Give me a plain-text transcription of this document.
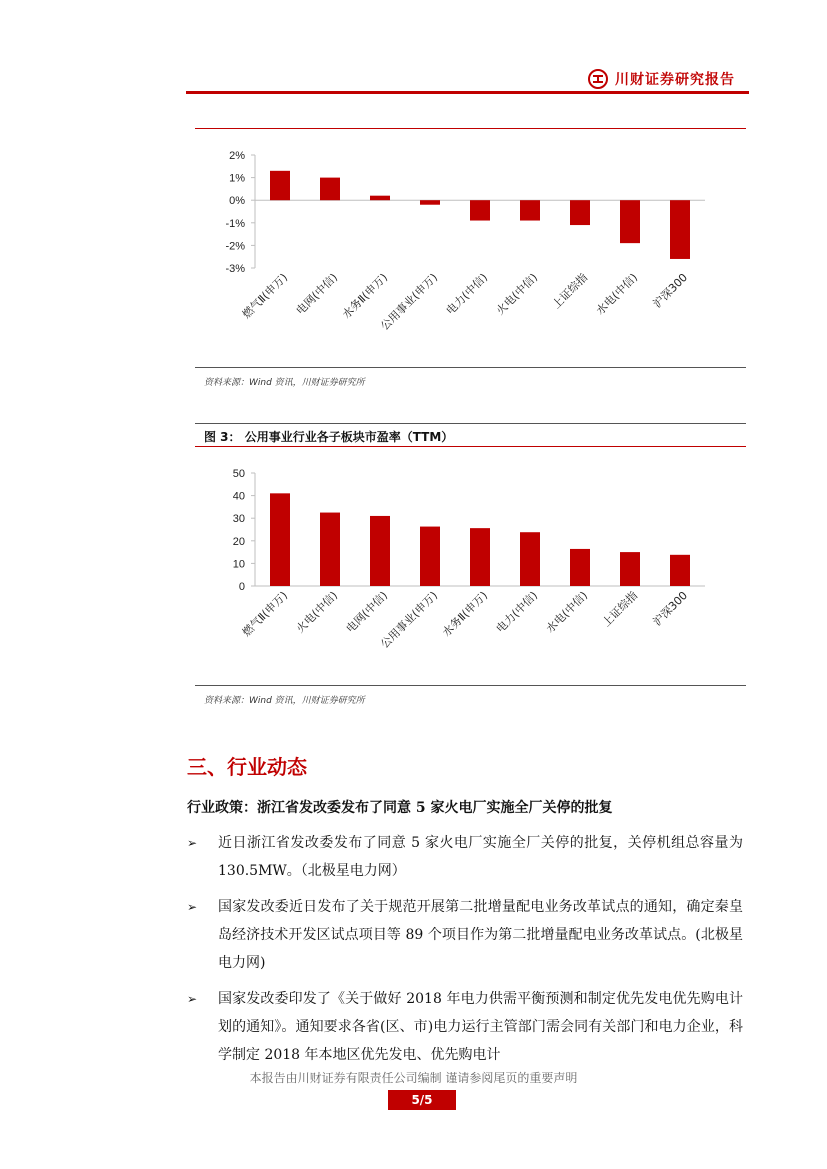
川财证券研究报告
2%
1%
0%
-1%
-2%
-3%
燃气Ⅱ(申万) 电网(中信) 水务Ⅱ(申万)
公用事业(申万) 电力(中信) 火电(中信) 上证综指 水电(中信) 沪深300
资料来源：Wind 资讯，川财证券研究所
图 3： 公用事业行业各子板块市盈率（TTM）
50
40
30
20
10
0
燃气Ⅱ(申万) 火电(中信) 电网(中信)
公用事业(申万) 水务Ⅱ(申万) 电力(中信) 水电(中信) 上证综指 沪深300
资料来源：Wind 资讯，川财证券研究所
三、行业动态
行业政策：浙江省发改委发布了同意 5 家火电厂实施全厂关停的批复
➢	近日浙江省发改委发布了同意 5 家火电厂实施全厂关停的批复，关停机组总容量为 130.5MW。（北极星电力网）
➢	国家发改委近日发布了关于规范开展第二批增量配电业务改革试点的通知，确定秦皇岛经济技术开发区试点项目等 89 个项目作为第二批增量配电业务改革试点。(北极星电力网)
➢	国家发改委印发了《关于做好 2018 年电力供需平衡预测和制定优先发电优先购电计划的通知》。通知要求各省(区、市)电力运行主管部门需会同有关部门和电力企业，科学制定 2018 年本地区优先发电、优先购电计
本报告由川财证券有限责任公司编制 谨请参阅尾页的重要声明
5/5
